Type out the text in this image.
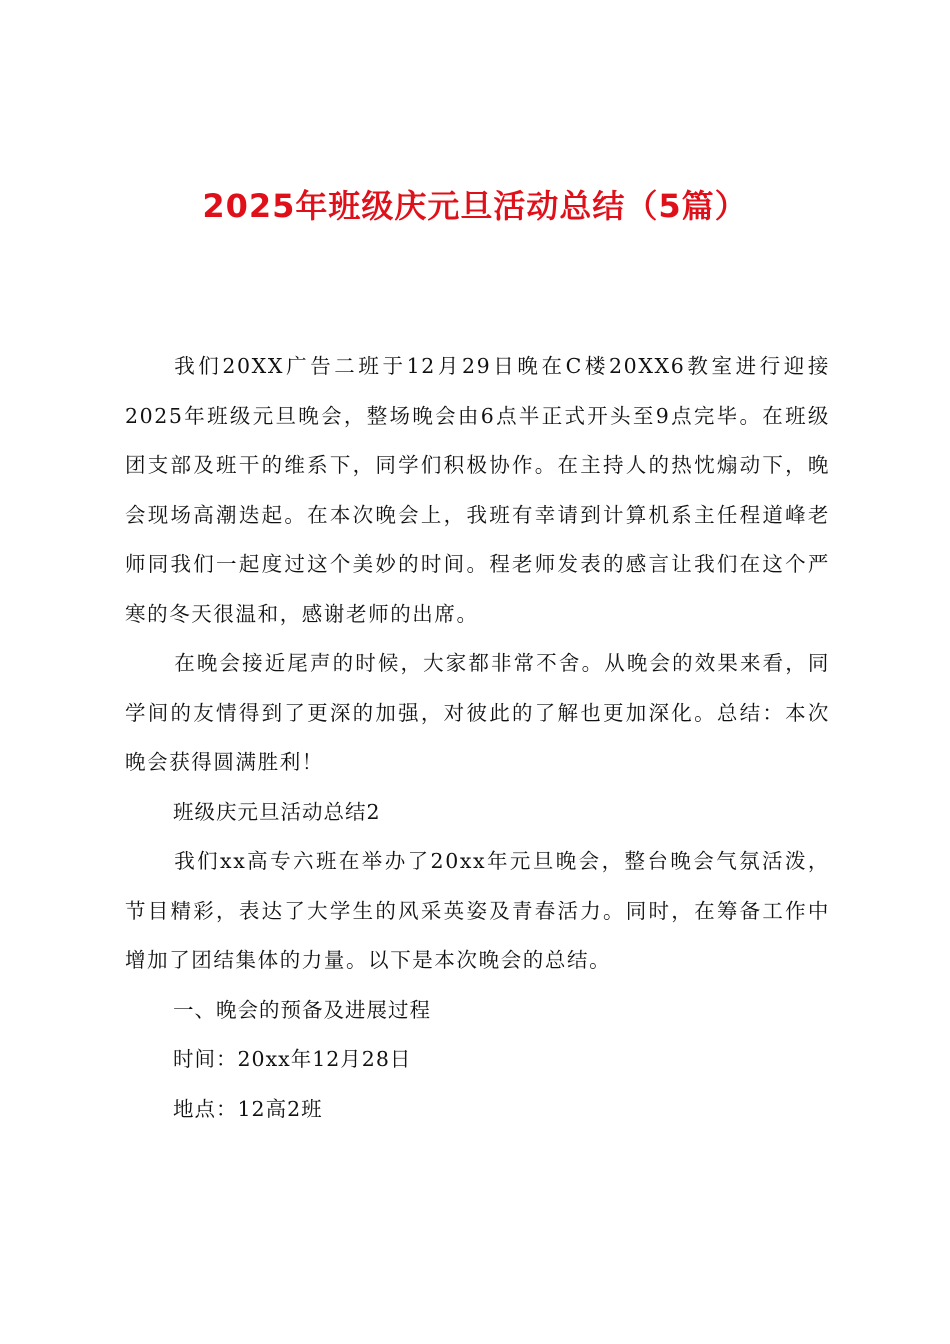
2025年班级庆元旦活动总结（5篇）

我们20XX广告二班于12月29日晚在C楼20XX6教室进行迎接2025年班级元旦晚会，整场晚会由6点半正式开头至9点完毕。在班级团支部及班干的维系下，同学们积极协作。在主持人的热忱煽动下，晚会现场高潮迭起。在本次晚会上，我班有幸请到计算机系主任程道峰老师同我们一起度过这个美妙的时间。程老师发表的感言让我们在这个严寒的冬天很温和，感谢老师的出席。

在晚会接近尾声的时候，大家都非常不舍。从晚会的效果来看，同学间的友情得到了更深的加强，对彼此的了解也更加深化。总结：本次晚会获得圆满胜利！

班级庆元旦活动总结2

我们xx高专六班在举办了20xx年元旦晚会，整台晚会气氛活泼，节目精彩，表达了大学生的风采英姿及青春活力。同时，在筹备工作中增加了团结集体的力量。以下是本次晚会的总结。

一、晚会的预备及进展过程

时间：20xx年12月28日

地点：12高2班
